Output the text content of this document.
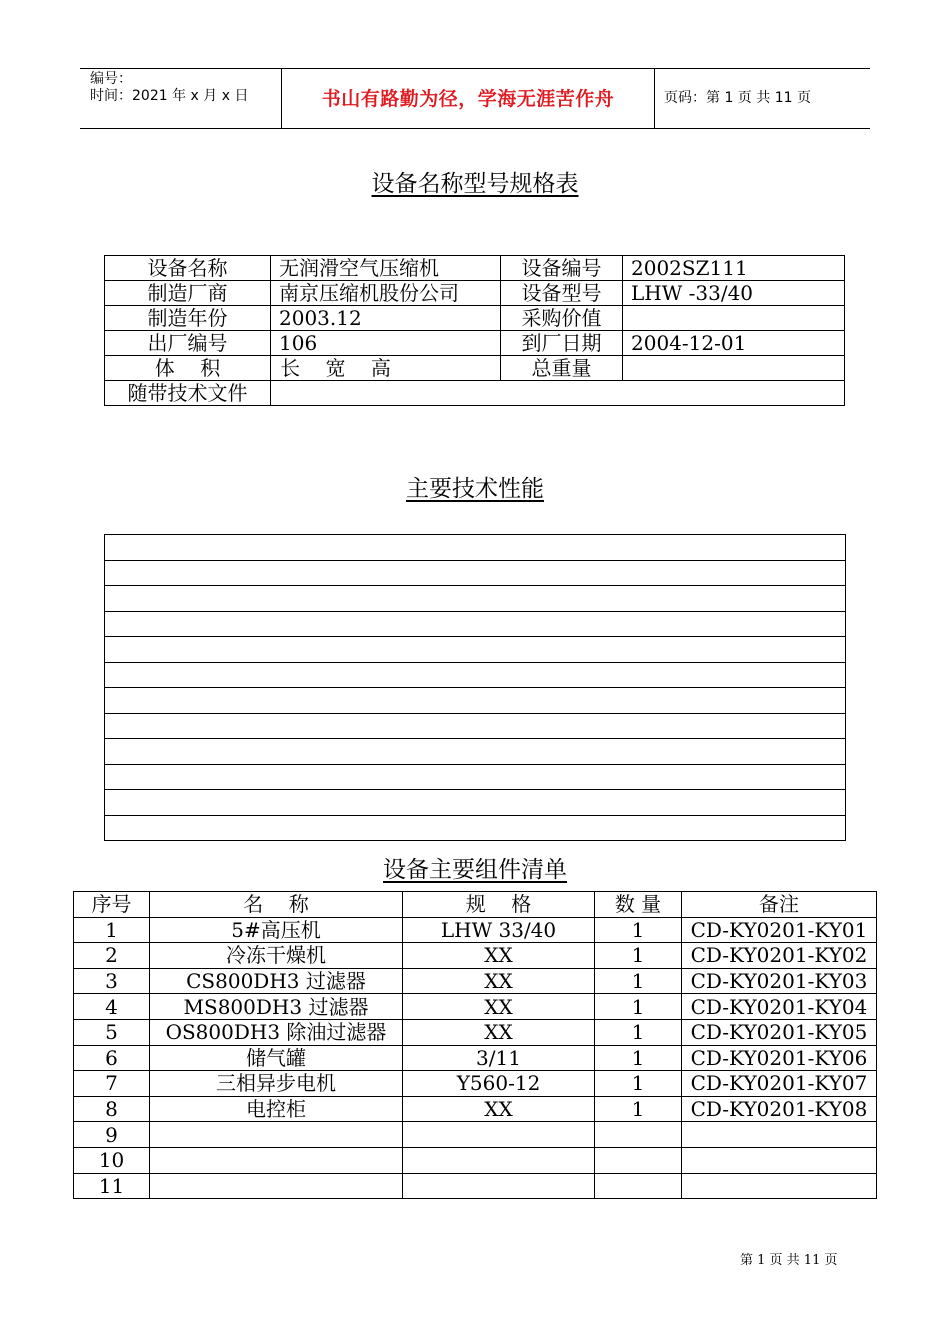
编号：
时间：2021 年 x 月 x 日	书山有路勤为径，学海无涯苦作舟	页码：第 1 页 共 11 页
设备名称型号规格表
设备名称	无润滑空气压缩机	设备编号	2002SZ111
制造厂商	南京压缩机股份公司	设备型号	LHW -33/40
制造年份	2003.12	采购价值	
出厂编号	106	到厂日期	2004-12-01
体    积	长    宽    高	总重量	
随带技术文件			
主要技术性能

设备主要组件清单
序号	名    称	规    格	数 量	备注
1	5#高压机	LHW 33/40	1	CD-KY0201-KY01
2	冷冻干燥机	XX	1	CD-KY0201-KY02
3	CS800DH3 过滤器	XX	1	CD-KY0201-KY03
4	MS800DH3 过滤器	XX	1	CD-KY0201-KY04
5	OS800DH3 除油过滤器	XX	1	CD-KY0201-KY05
6	储气罐	3/11	1	CD-KY0201-KY06
7	三相异步电机	Y560-12	1	CD-KY0201-KY07
8	电控柜	XX	1	CD-KY0201-KY08
9				
10				
11				
第 1 页 共 11 页
